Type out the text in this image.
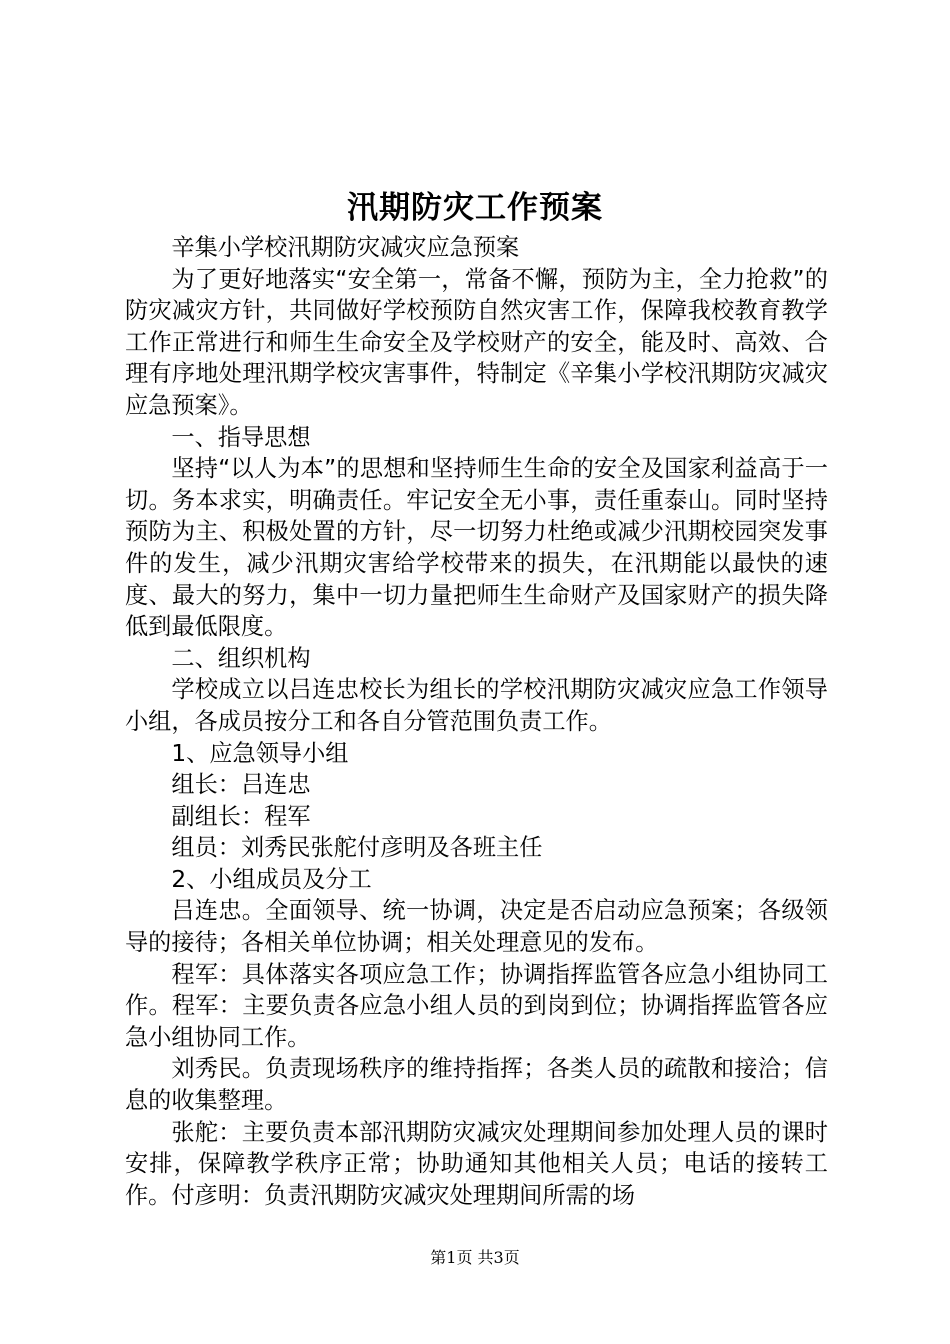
汛期防灾工作预案

辛集小学校汛期防灾减灾应急预案

为了更好地落实“安全第一，常备不懈，预防为主，全力抢救”的防灾减灾方针，共同做好学校预防自然灾害工作，保障我校教育教学工作正常进行和师生生命安全及学校财产的安全，能及时、高效、合理有序地处理汛期学校灾害事件，特制定《辛集小学校汛期防灾减灾应急预案》。

一、指导思想

坚持“以人为本”的思想和坚持师生生命的安全及国家利益高于一切。务本求实，明确责任。牢记安全无小事，责任重泰山。同时坚持预防为主、积极处置的方针，尽一切努力杜绝或减少汛期校园突发事件的发生，减少汛期灾害给学校带来的损失，在汛期能以最快的速度、最大的努力，集中一切力量把师生生命财产及国家财产的损失降低到最低限度。

二、组织机构

学校成立以吕连忠校长为组长的学校汛期防灾减灾应急工作领导小组，各成员按分工和各自分管范围负责工作。

1、应急领导小组

组长：吕连忠

副组长：程军

组员：刘秀民张舵付彦明及各班主任

2、小组成员及分工

吕连忠。全面领导、统一协调，决定是否启动应急预案；各级领导的接待；各相关单位协调；相关处理意见的发布。

程军：具体落实各项应急工作；协调指挥监管各应急小组协同工作。程军：主要负责各应急小组人员的到岗到位；协调指挥监管各应急小组协同工作。

刘秀民。负责现场秩序的维持指挥；各类人员的疏散和接洽；信息的收集整理。

张舵：主要负责本部汛期防灾减灾处理期间参加处理人员的课时安排，保障教学秩序正常；协助通知其他相关人员；电话的接转工作。付彦明：负责汛期防灾减灾处理期间所需的场

第1页 共3页
